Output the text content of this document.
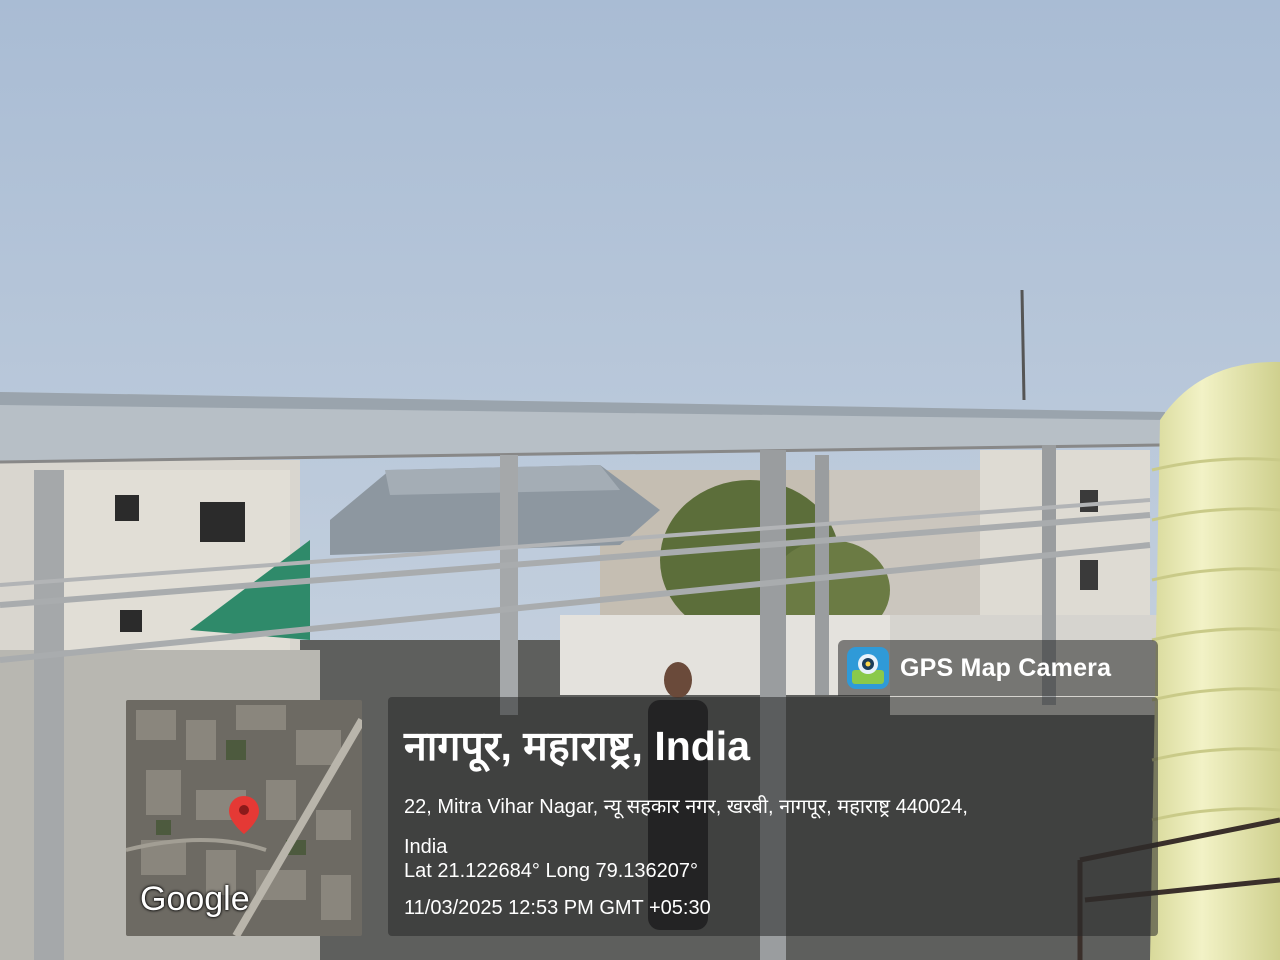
GPS Map Camera
Google
नागपूर, महाराष्ट्र, India
22, Mitra Vihar Nagar, न्यू सहकार नगर, खरबी, नागपूर, महाराष्ट्र 440024,
India
Lat 21.122684° Long 79.136207°
11/03/2025 12:53 PM GMT +05:30
